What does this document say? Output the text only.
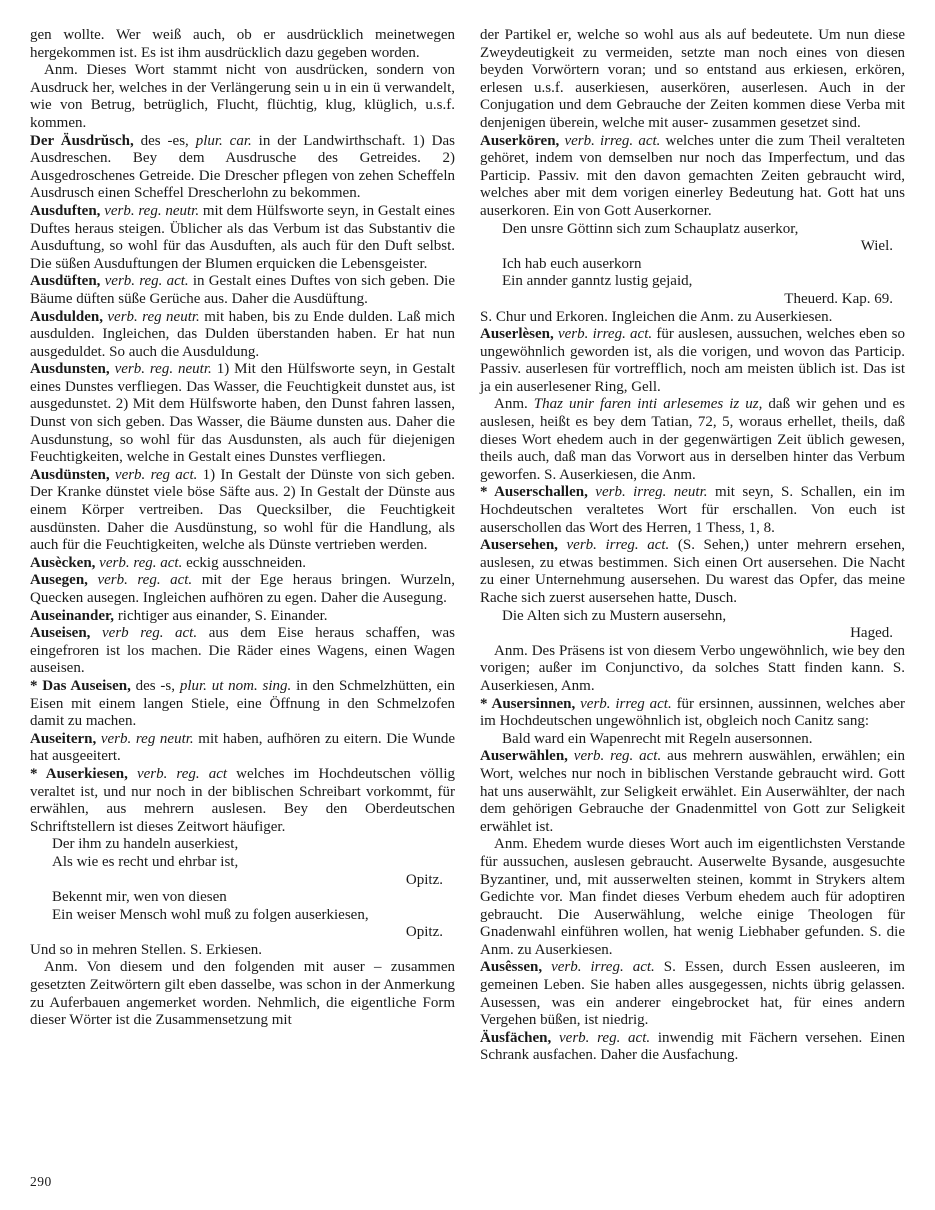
gen wollte. Wer weiß auch, ob er ausdrücklich meinetwegen hergekommen ist. Es ist ihm ausdrücklich dazu gegeben worden.

Anm. Dieses Wort stammt nicht von ausdrücken, sondern von Ausdruck her, welches in der Verlängerung sein u in ein ü verwandelt, wie von Betrug, betrüglich, Flucht, flüchtig, klug, klüglich, u.s.f. kommen.

Der Äusdrŭsch, des -es, plur. car. in der Landwirthschaft. 1) Das Ausdreschen. Bey dem Ausdrusche des Getreides. 2) Ausgedroschenes Getreide. Die Drescher pflegen von zehen Scheffeln Ausdrusch einen Scheffel Drescherlohn zu bekommen.

Ausduften, verb. reg. neutr. mit dem Hülfsworte seyn, in Gestalt eines Duftes heraus steigen. Üblicher als das Verbum ist das Substantiv die Ausduftung, so wohl für das Ausduften, als auch für den Duft selbst. Die süßen Ausduftungen der Blumen erquicken die Lebensgeister.

Ausdüften, verb. reg. act. in Gestalt eines Duftes von sich geben. Die Bäume düften süße Gerüche aus. Daher die Ausdüftung.

Ausdulden, verb. reg neutr. mit haben, bis zu Ende dulden. Laß mich ausdulden. Ingleichen, das Dulden überstanden haben. Er hat nun ausgeduldet. So auch die Ausduldung.

Ausdunsten, verb. reg. neutr. 1) Mit den Hülfsworte seyn, in Gestalt eines Dunstes verfliegen. Das Wasser, die Feuchtigkeit dunstet aus, ist ausgedunstet. 2) Mit dem Hülfsworte haben, den Dunst fahren lassen, Dunst von sich geben. Das Wasser, die Bäume dunsten aus. Daher die Ausdunstung, so wohl für das Ausdunsten, als auch für diejenigen Feuchtigkeiten, welche in Gestalt eines Dunstes verfliegen.

Ausdünsten, verb. reg act. 1) In Gestalt der Dünste von sich geben. Der Kranke dünstet viele böse Säfte aus. 2) In Gestalt der Dünste aus einem Körper vertreiben. Das Quecksilber, die Feuchtigkeit ausdünsten. Daher die Ausdünstung, so wohl für die Handlung, als auch für die Feuchtigkeiten, welche als Dünste vertrieben werden.

Ausècken, verb. reg. act. eckig ausschneiden.

Ausegen, verb. reg. act. mit der Ege heraus bringen. Wurzeln, Quecken ausegen. Ingleichen aufhören zu egen. Daher die Ausegung.

Auseinander, richtiger aus einander, S. Einander.

Auseisen, verb reg. act. aus dem Eise heraus schaffen, was eingefroren ist los machen. Die Räder eines Wagens, einen Wagen auseisen.

* Das Auseisen, des -s, plur. ut nom. sing. in den Schmelzhütten, ein Eisen mit einem langen Stiele, eine Öffnung in den Schmelzofen damit zu machen.

Auseitern, verb. reg neutr. mit haben, aufhören zu eitern. Die Wunde hat ausgeeitert.

* Auserkiesen, verb. reg. act welches im Hochdeutschen völlig veraltet ist, und nur noch in der biblischen Schreibart vorkommt, für erwählen, aus mehrern auslesen. Bey den Oberdeutschen Schriftstellern ist dieses Zeitwort häufiger.

Der ihm zu handeln auserkiest,

Als wie es recht und ehrbar ist,

Opitz.

Bekennt mir, wen von diesen

Ein weiser Mensch wohl muß zu folgen auserkiesen,

Opitz.

Und so in mehren Stellen. S. Erkiesen.

Anm. Von diesem und den folgenden mit auser – zusammen gesetzten Zeitwörtern gilt eben dasselbe, was schon in der Anmerkung zu Auferbauen angemerket worden. Nehmlich, die eigentliche Form dieser Wörter ist die Zusammensetzung mit

der Partikel er, welche so wohl aus als auf bedeutete. Um nun diese Zweydeutigkeit zu vermeiden, setzte man noch eines von diesen beyden Vorwörtern voran; und so entstand aus erkiesen, erkören, erlesen u.s.f. auserkiesen, auserkören, auserlesen. Auch in der Conjugation und dem Gebrauche der Zeiten kommen diese Verba mit denjenigen überein, welche mit auser- zusammen gesetzet sind.

Auserkören, verb. irreg. act. welches unter die zum Theil veralteten gehöret, indem von demselben nur noch das Imperfectum, und das Particip. Passiv. mit den davon gemachten Zeiten gebraucht wird, welches aber mit dem vorigen einerley Bedeutung hat. Gott hat uns auserkoren. Ein von Gott Auserkorner.

Den unsre Göttinn sich zum Schauplatz auserkor,

Wiel.

Ich hab euch auserkorn

Ein annder ganntz lustig gejaid,

Theuerd. Kap. 69.

S. Chur und Erkoren. Ingleichen die Anm. zu Auserkiesen.

Auserlèsen, verb. irreg. act. für auslesen, aussuchen, welches eben so ungewöhnlich geworden ist, als die vorigen, und wovon das Particip. Passiv. auserlesen für vortrefflich, noch am meisten üblich ist. Das ist ja ein auserlesener Ring, Gell.

Anm. Thaz unir faren inti arlesemes iz uz, daß wir gehen und es auslesen, heißt es bey dem Tatian, 72, 5, woraus erhellet, theils, daß dieses Wort ehedem auch in der gegenwärtigen Zeit üblich gewesen, theils auch, daß man das Vorwort aus in derselben hinter das Verbum geworfen. S. Auserkiesen, die Anm.

* Auserschallen, verb. irreg. neutr. mit seyn, S. Schallen, ein im Hochdeutschen veraltetes Wort für erschallen. Von euch ist auserschollen das Wort des Herren, 1 Thess, 1, 8.

Ausersehen, verb. irreg. act. (S. Sehen,) unter mehrern ersehen, auslesen, zu etwas bestimmen. Sich einen Ort ausersehen. Die Nacht zu einer Unternehmung ausersehen. Du warest das Opfer, das meine Rache sich zuerst ausersehen hatte, Dusch.

Die Alten sich zu Mustern ausersehn,

Haged.

Anm. Des Präsens ist von diesem Verbo ungewöhnlich, wie bey den vorigen; außer im Conjunctivo, da solches Statt finden kann. S. Auserkiesen, Anm.

* Ausersinnen, verb. irreg act. für ersinnen, aussinnen, welches aber im Hochdeutschen ungewöhnlich ist, obgleich noch Canitz sang:

Bald ward ein Wapenrecht mit Regeln ausersonnen.

Auserwählen, verb. reg. act. aus mehrern auswählen, erwählen; ein Wort, welches nur noch in biblischen Verstande gebraucht wird. Gott hat uns auserwählt, zur Seligkeit erwählet. Ein Auserwählter, der nach dem gehörigen Gebrauche der Gnadenmittel von Gott zur Seligkeit erwählet ist.

Anm. Ehedem wurde dieses Wort auch im eigentlichsten Verstande für aussuchen, auslesen gebraucht. Auserwelte Bysande, ausgesuchte Byzantiner, und, mit ausserwelten steinen, kommt in Strykers altem Gedichte vor. Man findet dieses Verbum ehedem auch für adoptiren gebraucht. Die Auserwählung, welche einige Theologen für Gnadenwahl einführen wollen, hat wenig Liebhaber gefunden. S. die Anm. zu Auserkiesen.

Ausêssen, verb. irreg. act. S. Essen, durch Essen ausleeren, im gemeinen Leben. Sie haben alles ausgegessen, nichts übrig gelassen. Ausessen, was ein anderer eingebrocket hat, für eines andern Vergehen büßen, ist niedrig.

Äusfächen, verb. reg. act. inwendig mit Fächern versehen. Einen Schrank ausfachen. Daher die Ausfachung.

290
